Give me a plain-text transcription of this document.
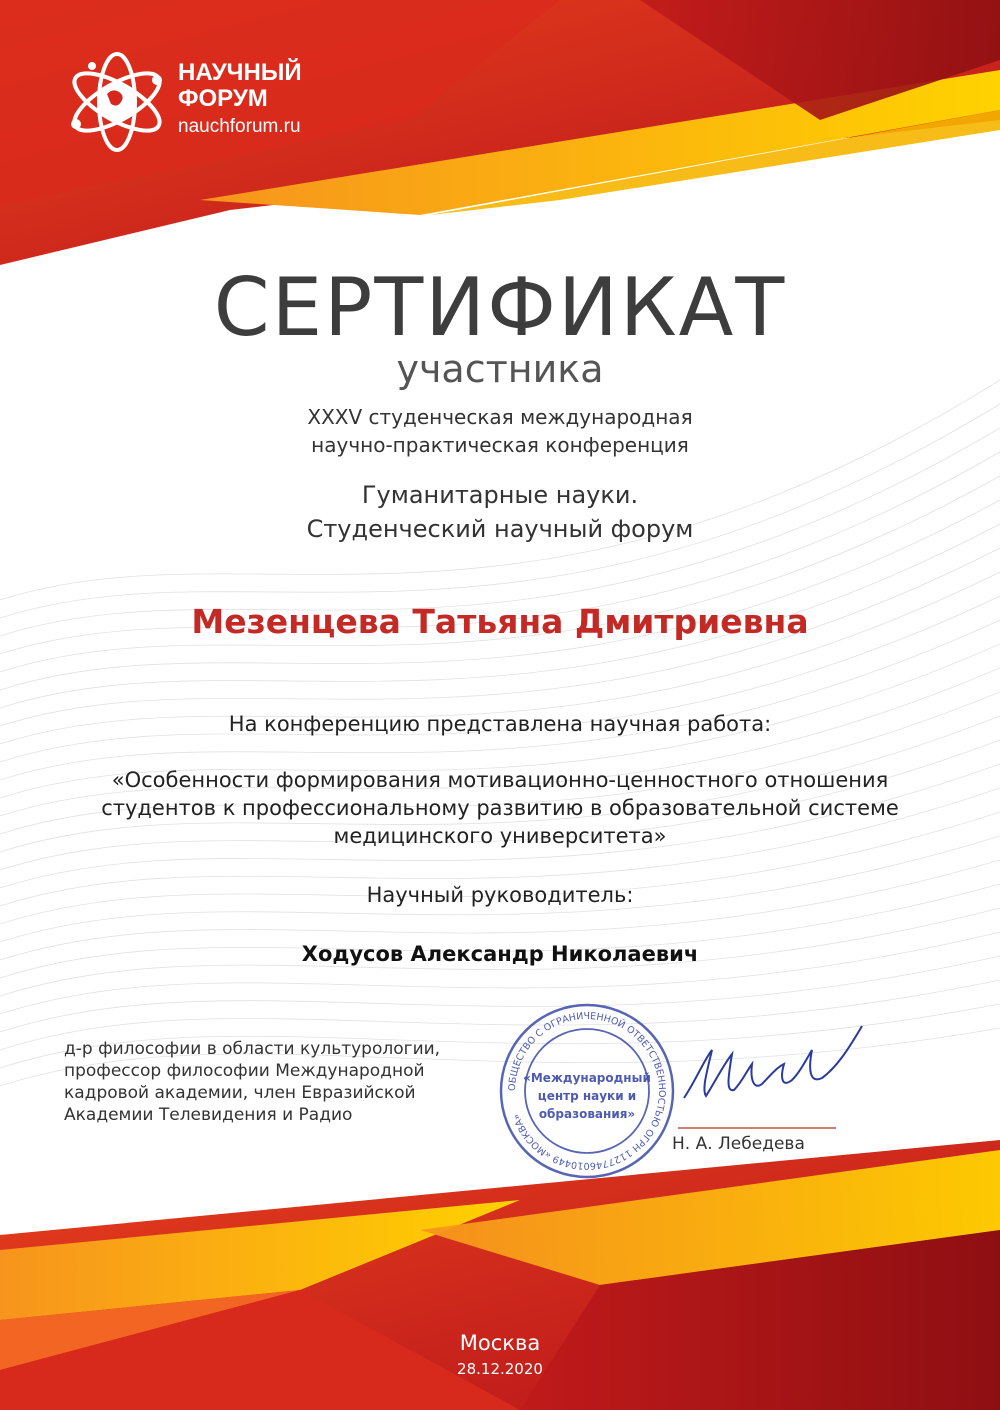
НАУЧНЫЙ

ФОРУМ

nauchforum.ru

СЕРТИФИКАТ

участника

XXXV студенческая международная
научно-практическая конференция
Гуманитарные науки.
Студенческий научный форум

Мезенцева Татьяна Дмитриевна

На конференцию представлена научная работа:

«Особенности формирования мотивационно-ценностного отношения
студентов к профессиональному развитию в образовательной системе
медицинского университета»

Научный руководитель:

Ходусов Александр Николаевич

д-р философии в области культурологии,
профессор философии Международной
кадровой академии, член Евразийской
Академии Телевидения и Радио

ОБЩЕСТВО С ОГРАНИЧЕННОЙ ОТВЕТСТВЕННОСТЬЮ ОГРН 1127746010449 «МОСКВА»
«Международный
центр науки и
образования»

Н. А. Лебедева

Москва

28.12.2020
